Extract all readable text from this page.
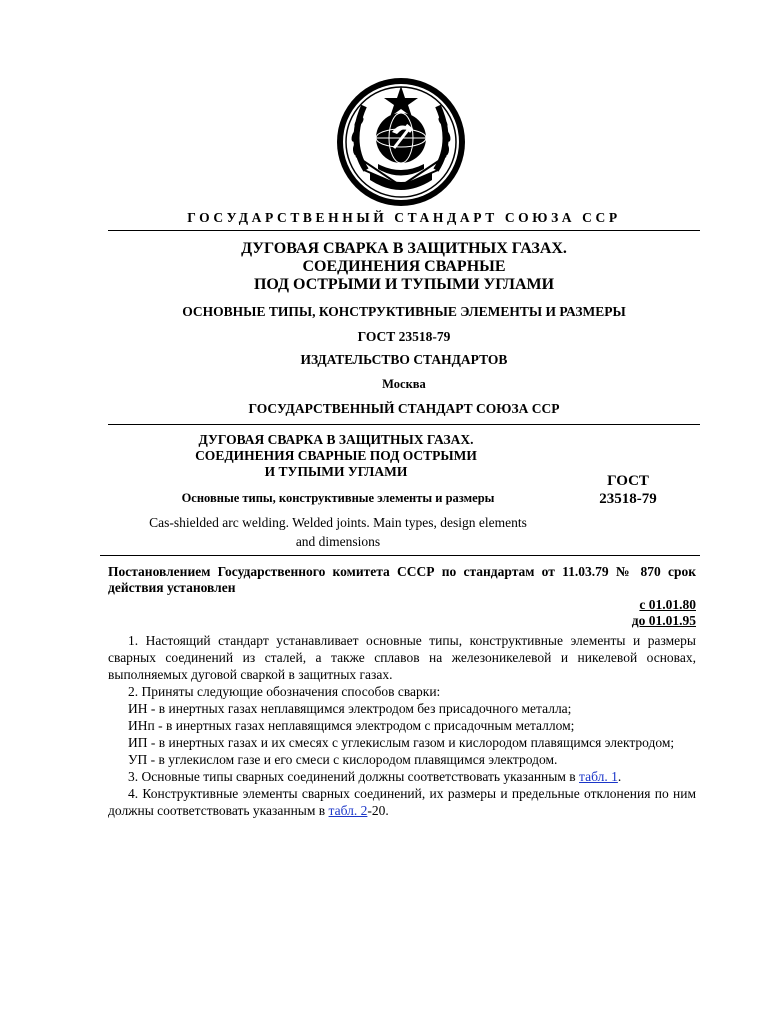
ГОСУДАРСТВЕННЫЙ СТАНДАРТ СОЮЗА ССР
ДУГОВАЯ СВАРКА В ЗАЩИТНЫХ ГАЗАХ.
СОЕДИНЕНИЯ СВАРНЫЕ
ПОД ОСТРЫМИ И ТУПЫМИ УГЛАМИ
ОСНОВНЫЕ ТИПЫ, КОНСТРУКТИВНЫЕ ЭЛЕМЕНТЫ И РАЗМЕРЫ
ГОСТ 23518-79
ИЗДАТЕЛЬСТВО СТАНДАРТОВ
Москва
ГОСУДАРСТВЕННЫЙ СТАНДАРТ СОЮЗА ССР
ДУГОВАЯ СВАРКА В ЗАЩИТНЫХ ГАЗАХ.
СОЕДИНЕНИЯ СВАРНЫЕ ПОД ОСТРЫМИ
И ТУПЫМИ УГЛАМИ
Основные типы, конструктивные элементы и размеры
Cas-shielded arc welding. Welded joints. Main types, design elements
and dimensions
ГОСТ
23518-79
Постановлением Государственного комитета СССР по стандартам от 11.03.79 № 870 срок действия установлен
с 01.01.80
до 01.01.95

1. Настоящий стандарт устанавливает основные типы, конструктивные элементы и размеры сварных соединений из сталей, а также сплавов на железоникелевой и никелевой основах, выполняемых дуговой сваркой в защитных газах.

2. Приняты следующие обозначения способов сварки:

ИН - в инертных газах неплавящимся электродом без присадочного металла;

ИНп - в инертных газах неплавящимся электродом с присадочным металлом;

ИП - в инертных газах и их смесях с углекислым газом и кислородом плавящимся электродом;

УП - в углекислом газе и его смеси с кислородом плавящимся электродом.

3. Основные типы сварных соединений должны соответствовать указанным в табл. 1.

4. Конструктивные элементы сварных соединений, их размеры и предельные отклонения по ним должны соответствовать указанным в табл. 2-20.
